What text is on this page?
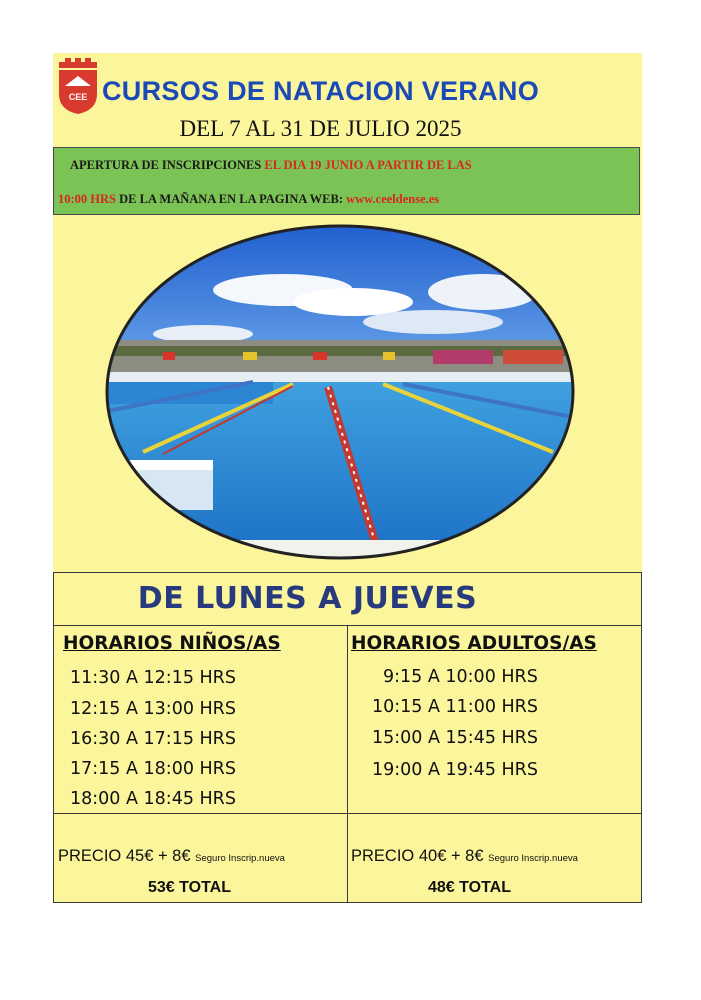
CEE CURSOS DE NATACION VERANO
DEL 7 AL 31 DE JULIO 2025
APERTURA DE INSCRIPCIONES EL DIA 19 JUNIO A PARTIR DE LAS
10:00 HRS DE LA MAÑANA EN LA PAGINA WEB: www.ceeldense.es
DE LUNES A JUEVES
HORARIOS NIÑOS/AS	HORARIOS ADULTOS/AS
11:30 A 12:15 HRS
12:15 A 13:00 HRS
16:30 A 17:15 HRS
17:15 A 18:00 HRS
18:00 A 18:45 HRS
9:15 A 10:00 HRS
10:15 A 11:00 HRS
15:00 A 15:45 HRS
19:00 A 19:45 HRS
PRECIO 45€ + 8€ Seguro Inscrip.nueva
53€ TOTAL
PRECIO 40€ + 8€ Seguro Inscrip.nueva
48€ TOTAL
